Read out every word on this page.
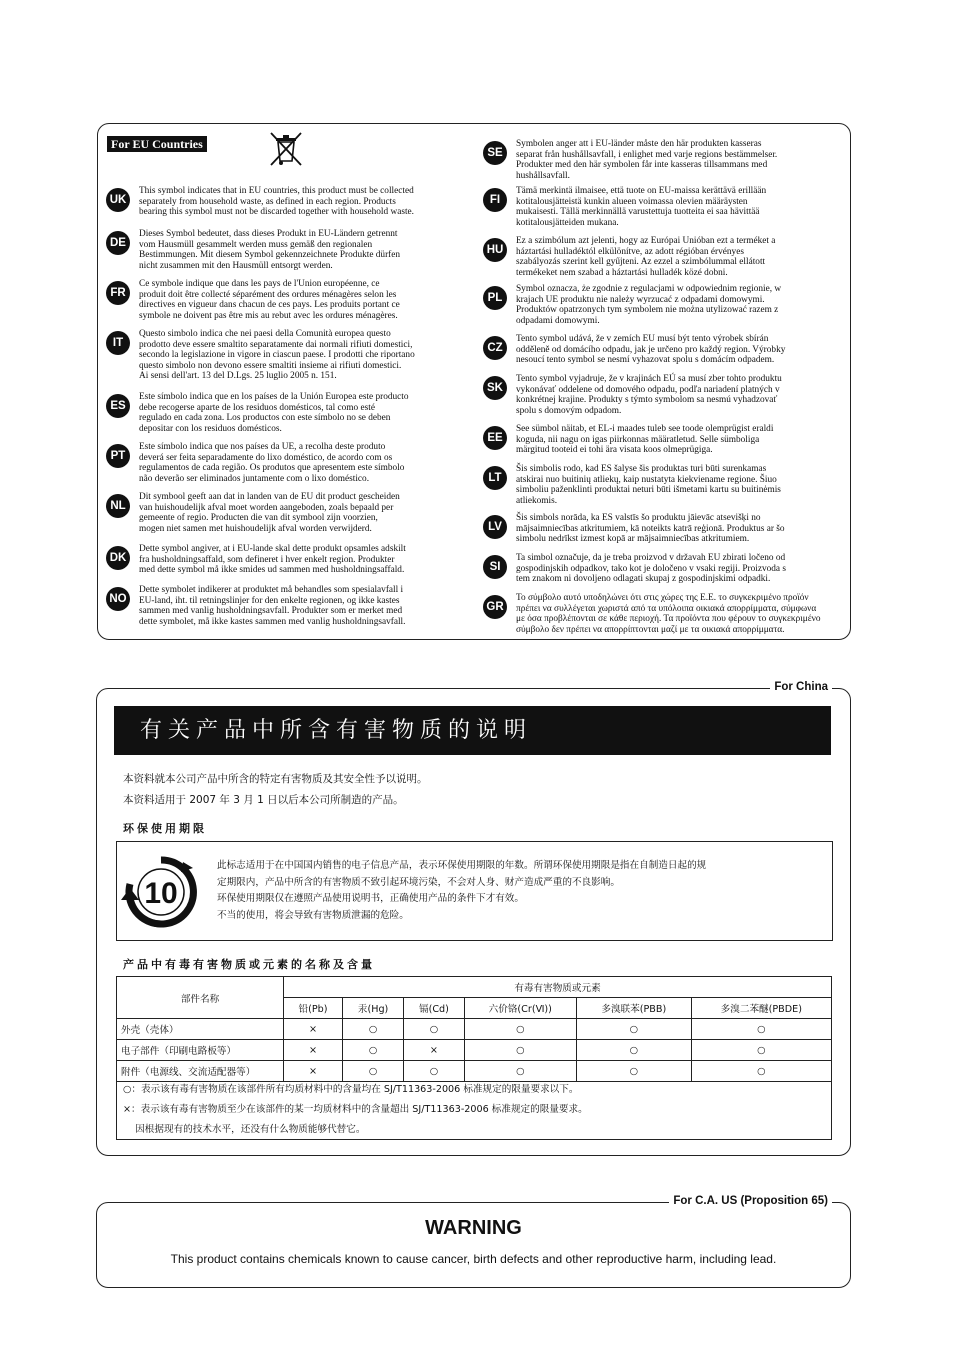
For EU Countries
UK
This symbol indicates that in EU countries, this product must be collected
separately from household waste, as defined in each region. Products
bearing this symbol must not be discarded together with household waste.
DE
Dieses Symbol bedeutet, dass dieses Produkt in EU-Ländern getrennt
vom Hausmüll gesammelt werden muss gemäß den regionalen
Bestimmungen. Mit diesem Symbol gekennzeichnete Produkte dürfen
nicht zusammen mit den Hausmüll entsorgt werden.
FR
Ce symbole indique que dans les pays de l'Union européenne, ce
produit doit être collecté séparément des ordures ménagères selon les
directives en vigueur dans chacun de ces pays. Les produits portant ce
symbole ne doivent pas être mis au rebut avec les ordures ménagères.
IT
Questo simbolo indica che nei paesi della Comunità europea questo
prodotto deve essere smaltito separatamente dai normali rifiuti domestici,
secondo la legislazione in vigore in ciascun paese. I prodotti che riportano
questo simbolo non devono essere smaltiti insieme ai rifiuti domestici.
Ai sensi dell'art. 13 del D.Lgs. 25 luglio 2005 n. 151.
ES
Este símbolo indica que en los países de la Unión Europea este producto
debe recogerse aparte de los residuos domésticos, tal como esté
regulado en cada zona. Los productos con este símbolo no se deben
depositar con los residuos domésticos.
PT
Este símbolo indica que nos países da UE, a recolha deste produto
deverá ser feita separadamente do lixo doméstico, de acordo com os
regulamentos de cada região. Os produtos que apresentem este símbolo
não deverão ser eliminados juntamente com o lixo doméstico.
NL
Dit symbool geeft aan dat in landen van de EU dit product gescheiden
van huishoudelijk afval moet worden aangeboden, zoals bepaald per
gemeente of regio. Producten die van dit symbool zijn voorzien,
mogen niet samen met huishoudelijk afval worden verwijderd.
DK
Dette symbol angiver, at i EU-lande skal dette produkt opsamles adskilt
fra husholdningsaffald, som defineret i hver enkelt region. Produkter
med dette symbol må ikke smides ud sammen med husholdningsaffald.
NO
Dette symbolet indikerer at produktet må behandles som spesialavfall i
EU-land, iht. til retningslinjer for den enkelte regionen, og ikke kastes
sammen med vanlig husholdningsavfall. Produkter som er merket med
dette symbolet, må ikke kastes sammen med vanlig husholdningsavfall.
SE
Symbolen anger att i EU-länder måste den här produkten kasseras
separat från hushållsavfall, i enlighet med varje regions bestämmelser.
Produkter med den här symbolen får inte kasseras tillsammans med
hushållsavfall.
FI
Tämä merkintä ilmaisee, että tuote on EU-maissa kerättävä erillään
kotitalousjätteistä kunkin alueen voimassa olevien määräysten
mukaisesti. Tällä merkinnällä varustettuja tuotteita ei saa hävittää
kotitalousjätteiden mukana.
HU
Ez a szimbólum azt jelenti, hogy az Európai Unióban ezt a terméket a
háztartási hulladéktól elkülönítve, az adott régióban érvényes
szabályozás szerint kell gyűjteni. Az ezzel a szimbólummal ellátott
termékeket nem szabad a háztartási hulladék közé dobni.
PL
Symbol oznacza, że zgodnie z regulacjami w odpowiednim regionie, w
krajach UE produktu nie należy wyrzucać z odpadami domowymi.
Produktów opatrzonych tym symbolem nie można utylizować razem z
odpadami domowymi.
CZ
Tento symbol udává, že v zemích EU musí být tento výrobek sbírán
odděleně od domácího odpadu, jak je určeno pro každý region. Výrobky
nesoucí tento symbol se nesmí vyhazovat spolu s domácím odpadem.
SK
Tento symbol vyjadruje, že v krajinách EÚ sa musí zber tohto produktu
vykonávať oddelene od domového odpadu, podľa nariadení platných v
konkrétnej krajine. Produkty s týmto symbolom sa nesmú vyhadzovať
spolu s domovým odpadom.
EE
See sümbol näitab, et EL-i maades tuleb see toode olemprügist eraldi
koguda, nii nagu on igas piirkonnas määratletud. Selle sümboliga
märgitud tooteid ei tohi ära visata koos olmeprügiga.
LT
Šis simbolis rodo, kad ES šalyse šis produktas turi būti surenkamas
atskirai nuo buitinių atliekų, kaip nustatyta kiekviename regione. Šiuo
simboliu paženklinti produktai neturi būti išmetami kartu su buitinėmis
atliekomis.
LV
Šis simbols norāda, ka ES valstīs šo produktu jāievāc atsevišķi no
mājsaimniecības atkritumiem, kā noteikts katrā reģionā. Produktus ar šo
simbolu nedrīkst izmest kopā ar mājsaimniecības atkritumiem.
SI
Ta simbol označuje, da je treba proizvod v državah EU zbirati ločeno od
gospodinjskih odpadkov, tako kot je določeno v vsaki regiji. Proizvoda s
tem znakom ni dovoljeno odlagati skupaj z gospodinjskimi odpadki.
GR
Το σύμβολο αυτό υποδηλώνει ότι στις χώρες της Ε.Ε. το συγκεκριμένο προϊόν
πρέπει να συλλέγεται χωριστά από τα υπόλοιπα οικιακά απορρίμματα, σύμφωνα
με όσα προβλέπονται σε κάθε περιοχή. Τα προϊόντα που φέρουν το συγκεκριμένο
σύμβολο δεν πρέπει να απορρίπτονται μαζί με τα οικιακά απορρίμματα.
For China
有关产品中所含有害物质的说明
本资料就本公司产品中所含的特定有害物质及其安全性予以说明。
本资料适用于 2007 年 3 月 1 日以后本公司所制造的产品。
环保使用期限
10
此标志适用于在中国国内销售的电子信息产品，表示环保使用期限的年数。所谓环保使用期限是指在自制造日起的规
定期限内，产品中所含的有害物质不致引起环境污染，不会对人身、财产造成严重的不良影响。
环保使用期限仅在遵照产品使用说明书，正确使用产品的条件下才有效。
不当的使用，将会导致有害物质泄漏的危险。
产品中有毒有害物质或元素的名称及含量
部件名称	有毒有害物质或元素					
	铅(Pb)	汞(Hg)	镉(Cd)	六价铬(Cr(Ⅵ))	多溴联苯(PBB)	多溴二苯醚(PBDE)
外壳（壳体）	×	○	○	○	○	○
电子部件（印刷电路板等）	×	○	×	○	○	○
附件（电源线、交流适配器等）	×	○	○	○	○	○
○：表示该有毒有害物质在该部件所有均质材料中的含量均在 SJ/T11363-2006 标准规定的限量要求以下。
×：表示该有毒有害物质至少在该部件的某一均质材料中的含量超出 SJ/T11363-2006 标准规定的限量要求。
因根据现有的技术水平，还没有什么物质能够代替它。
For C.A. US (Proposition 65)
WARNING
This product contains chemicals known to cause cancer, birth defects and other reproductive harm, including lead.
